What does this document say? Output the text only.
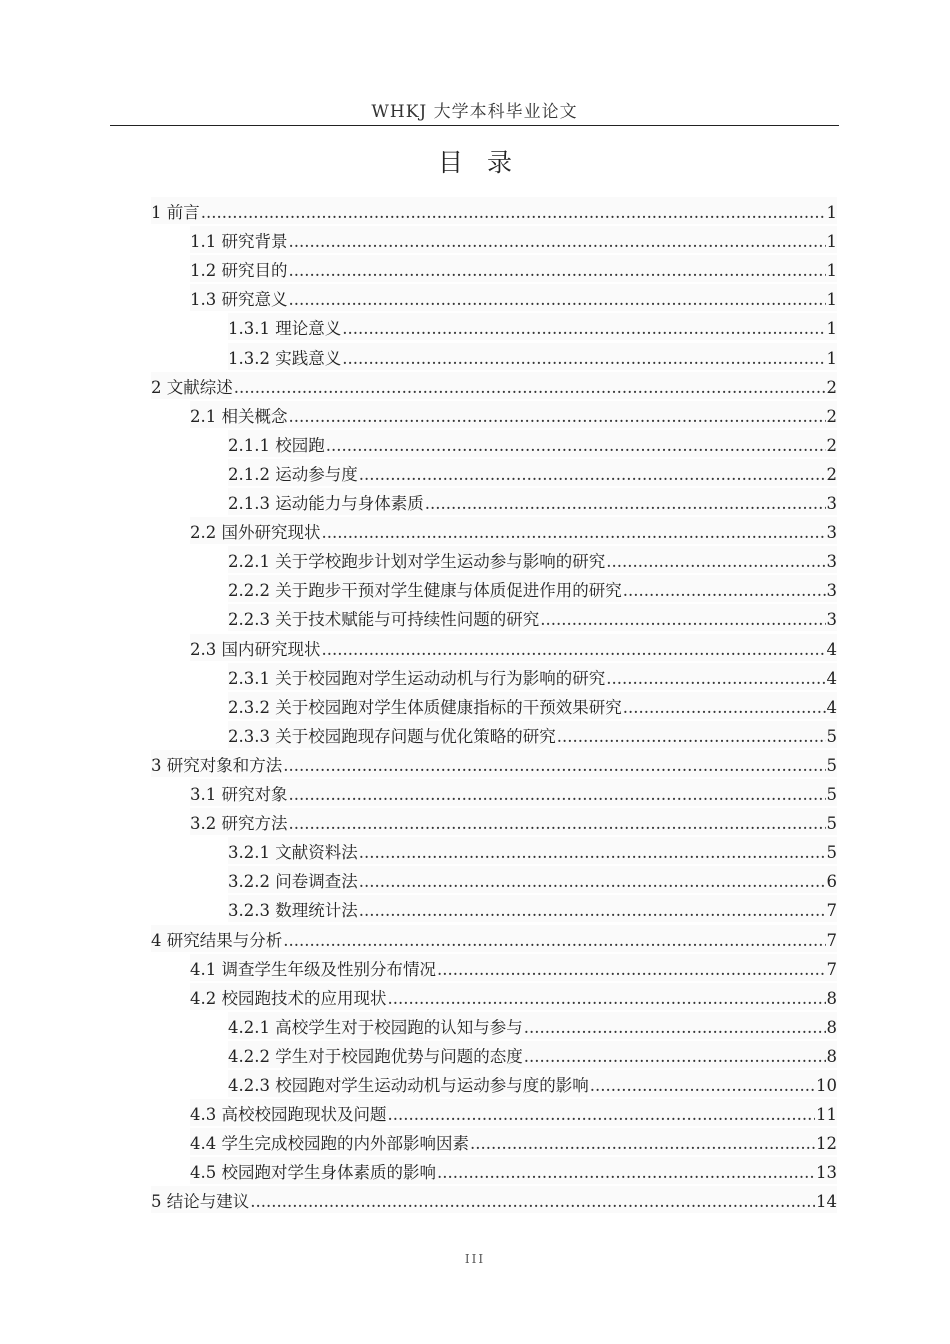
WHKJ 大学本科毕业论文
目录
1 前言 .....	1
1.1 研究背景 .....	1
1.2 研究目的 .....	1
1.3 研究意义 .....	1
1.3.1 理论意义 .....	1
1.3.2 实践意义 .....	1
2 文献综述 .....	2
2.1 相关概念 .....	2
2.1.1 校园跑 .....	2
2.1.2 运动参与度 .....	2
2.1.3 运动能力与身体素质 .....	3
2.2 国外研究现状 .....	3
2.2.1 关于学校跑步计划对学生运动参与影响的研究 .....	3
2.2.2 关于跑步干预对学生健康与体质促进作用的研究 .....	3
2.2.3 关于技术赋能与可持续性问题的研究 .....	3
2.3 国内研究现状 .....	4
2.3.1 关于校园跑对学生运动动机与行为影响的研究 .....	4
2.3.2 关于校园跑对学生体质健康指标的干预效果研究 .....	4
2.3.3 关于校园跑现存问题与优化策略的研究 .....	5
3 研究对象和方法 .....	5
3.1 研究对象 .....	5
3.2 研究方法 .....	5
3.2.1 文献资料法 .....	5
3.2.2 问卷调查法 .....	6
3.2.3 数理统计法 .....	7
4 研究结果与分析 .....	7
4.1 调查学生年级及性别分布情况 .....	7
4.2 校园跑技术的应用现状 .....	8
4.2.1 高校学生对于校园跑的认知与参与 .....	8
4.2.2 学生对于校园跑优势与问题的态度 .....	8
4.2.3 校园跑对学生运动动机与运动参与度的影响 .....	10
4.3 高校校园跑现状及问题 .....	11
4.4 学生完成校园跑的内外部影响因素 .....	12
4.5 校园跑对学生身体素质的影响 .....	13
5 结论与建议 .....	14
III
